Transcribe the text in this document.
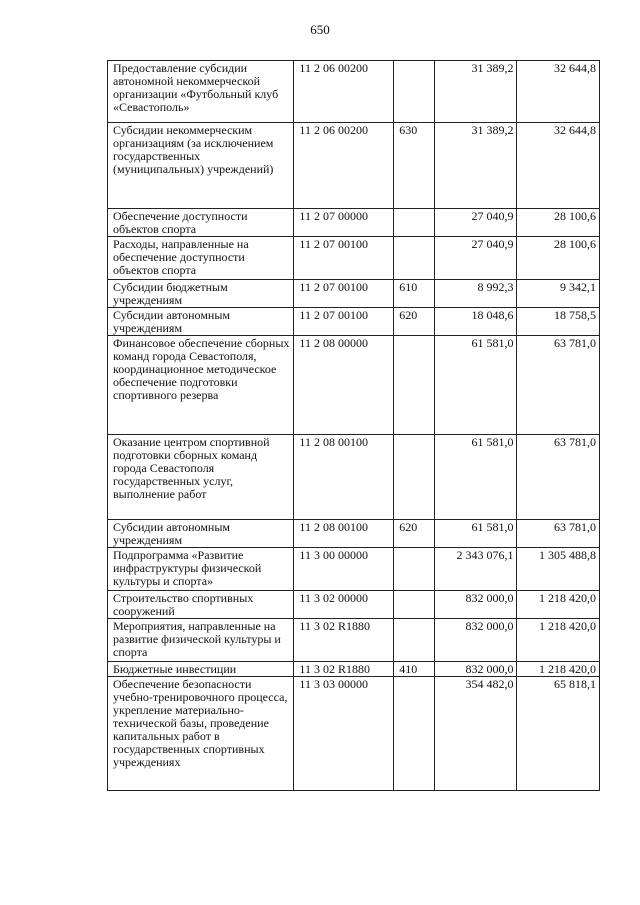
650
Предоставление субсидии автономной некоммерческой организации «Футбольный клуб «Севастополь»	11 2 06 00200		31 389,2	32 644,8
Субсидии некоммерческим организациям (за исключением государственных (муниципальных) учреждений)	11 2 06 00200	630	31 389,2	32 644,8
Обеспечение доступности объектов спорта	11 2 07 00000		27 040,9	28 100,6
Расходы, направленные на обеспечение доступности объектов спорта	11 2 07 00100		27 040,9	28 100,6
Субсидии бюджетным учреждениям	11 2 07 00100	610	8 992,3	9 342,1
Субсидии автономным учреждениям	11 2 07 00100	620	18 048,6	18 758,5
Финансовое обеспечение сборных команд города Севастополя, координационное методическое обеспечение подготовки спортивного резерва	11 2 08 00000		61 581,0	63 781,0
Оказание центром спортивной подготовки сборных команд города Севастополя государственных услуг, выполнение работ	11 2 08 00100		61 581,0	63 781,0
Субсидии автономным учреждениям	11 2 08 00100	620	61 581,0	63 781,0
Подпрограмма «Развитие инфраструктуры физической культуры и спорта»	11 3 00 00000		2 343 076,1	1 305 488,8
Строительство спортивных сооружений	11 3 02 00000		832 000,0	1 218 420,0
Мероприятия, направленные на развитие физической культуры и спорта	11 3 02 R1880		832 000,0	1 218 420,0
Бюджетные инвестиции	11 3 02 R1880	410	832 000,0	1 218 420,0
Обеспечение безопасности учебно-тренировочного процесса, укрепление материально-технической базы, проведение капитальных работ в государственных спортивных учреждениях	11 3 03 00000		354 482,0	65 818,1
